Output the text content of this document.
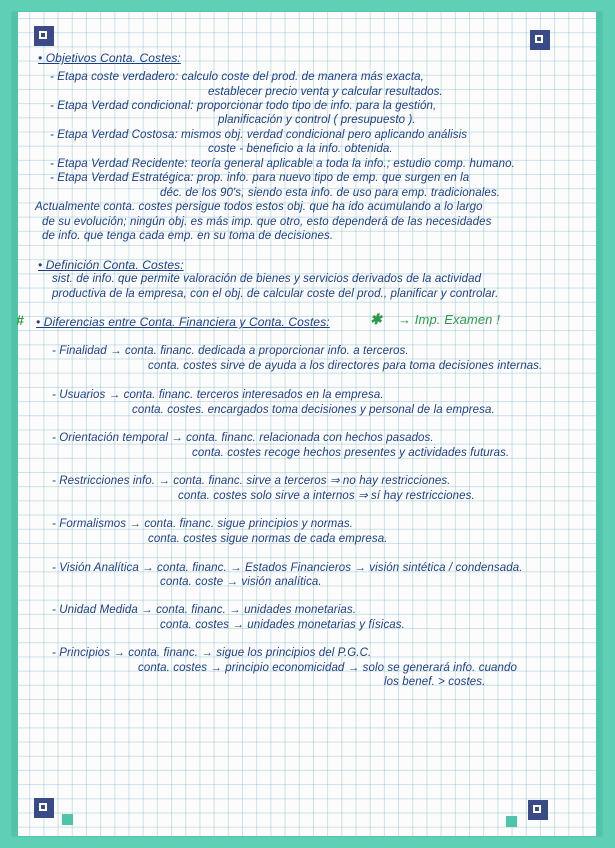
• Objetivos Conta. Costes:
- Etapa coste verdadero: calculo coste del prod. de manera más exacta,
establecer precio venta y calcular resultados.
- Etapa Verdad condicional: proporcionar todo tipo de info. para la gestión,
planificación y control ( presupuesto ).
- Etapa Verdad Costosa: mismos obj. verdad condicional pero aplicando análisis
coste - beneficio a la info. obtenida.
- Etapa Verdad Recidente: teoría general aplicable a toda la info.; estudio comp. humano.
- Etapa Verdad Estratégica: prop. info. para nuevo tipo de emp. que surgen en la
déc. de los 90's, siendo esta info. de uso para emp. tradicionales.
Actualmente conta. costes persigue todos estos obj. que ha ido acumulando a lo largo
de su evolución; ningún obj. es más imp. que otro, esto dependerá de las necesidades
de info. que tenga cada emp. en su toma de decisiones.
• Definición Conta. Costes:
sist. de info. que permite valoración de bienes y servicios derivados de la actividad
productiva de la empresa, con el obj. de calcular coste del prod., planificar y controlar.
# • Diferencias entre Conta. Financiera y Conta. Costes:	✱ → Imp. Examen !
- Finalidad → conta. financ. dedicada a proporcionar info. a terceros.
conta. costes sirve de ayuda a los directores para toma decisiones internas.
- Usuarios → conta. financ. terceros interesados en la empresa.
conta. costes. encargados toma decisiones y personal de la empresa.
- Orientación temporal → conta. financ. relacionada con hechos pasados.
conta. costes recoge hechos presentes y actividades futuras.
- Restricciones info. → conta. financ. sirve a terceros ⇒ no hay restricciones.
conta. costes solo sirve a internos ⇒ sí hay restricciones.
- Formalismos → conta. financ. sigue principios y normas.
conta. costes sigue normas de cada empresa.
- Visión Analítica → conta. financ. → Estados Financieros → visión sintética / condensada.
conta. coste → visión analítica.
- Unidad Medida → conta. financ. → unidades monetarias.
conta. costes → unidades monetarias y físicas.
- Principios → conta. financ. → sigue los principios del P.G.C.
conta. costes → principio economicidad → solo se generará info. cuando
los benef. > costes.
